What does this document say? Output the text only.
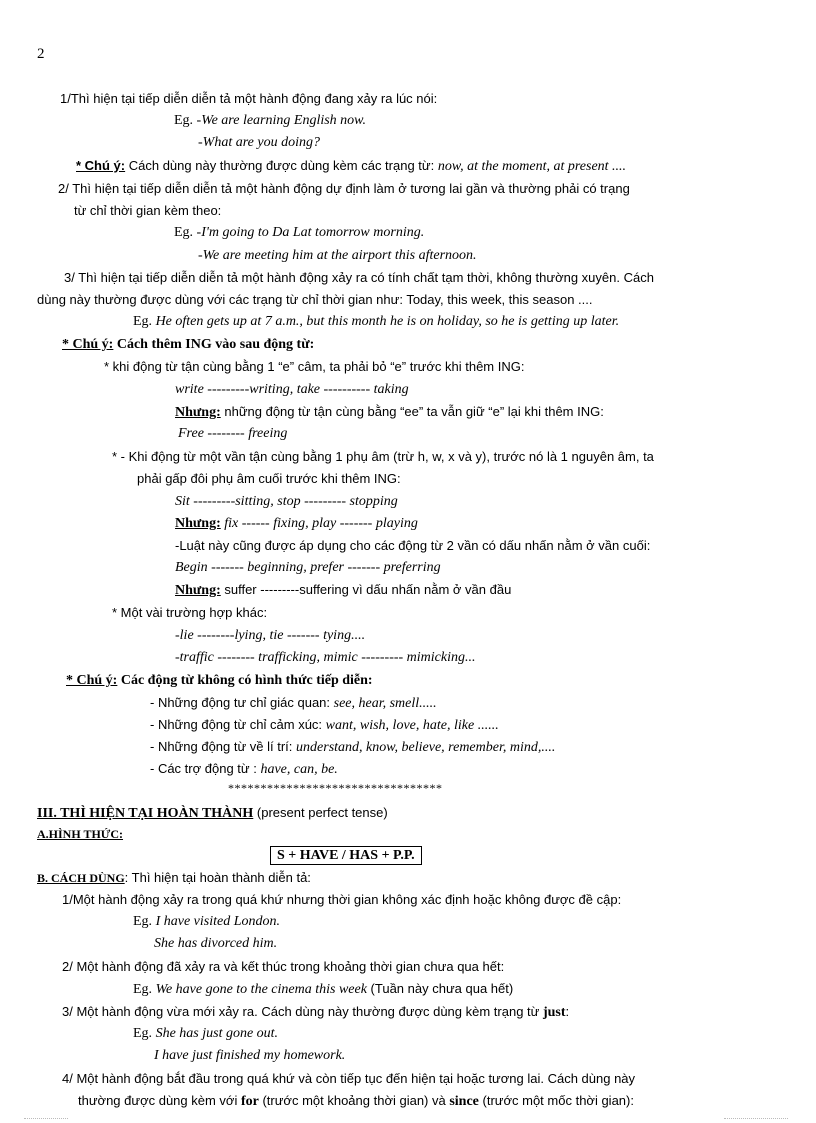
2
1/Thì hiện tại tiếp diễn diễn tả một hành động đang xảy ra lúc nói:
Eg. -We are learning English now.
-What are you doing?
* Chú ý: Cách dùng này thường được dùng kèm các trạng từ: now, at the moment, at present ....
2/ Thì hiện tại tiếp diễn diễn tả một hành động dự định làm ở tương lai gần và thường phải có trạng
từ chỉ thời gian kèm theo:
Eg. -I'm going to Da Lat tomorrow morning.
-We are meeting him at the airport this afternoon.
3/ Thì hiện tại tiếp diễn diễn tả một hành động xảy ra có tính chất tạm thời, không thường xuyên. Cách
dùng này thường được dùng với các trạng từ chỉ thời gian như: Today, this week, this season ....
Eg. He often gets up at 7 a.m., but this month he is on holiday, so he is getting up later.
* Chú ý: Cách thêm ING vào sau động từ:
* khi động từ tận cùng bằng 1 “e” câm, ta phải bỏ “e” trước khi thêm ING:
write ---------writing, take ---------- taking
Nhưng: những động từ tận cùng bằng “ee” ta vẫn giữ “e” lại khi thêm ING:
Free -------- freeing
* - Khi động từ một vần tận cùng bằng 1 phụ âm (trừ h, w, x và y), trước nó là 1 nguyên âm, ta
phải gấp đôi phụ âm cuối trước khi thêm ING:
Sit ---------sitting, stop --------- stopping
Nhưng: fix ------ fixing, play ------- playing
-Luật này cũng được áp dụng cho các động từ 2 vần có dấu nhấn nằm ở vần cuối:
Begin ------- beginning, prefer ------- preferring
Nhưng: suffer ---------suffering vì dấu nhấn nằm ở vần đầu
* Một vài trường hợp khác:
-lie --------lying, tie ------- tying....
-traffic -------- trafficking, mimic --------- mimicking...
* Chú ý: Các động từ không có hình thức tiếp diễn:
- Những động tư chỉ giác quan: see, hear, smell.....
- Những động từ chỉ cảm xúc: want, wish, love, hate, like ......
- Những động từ về lí trí: understand, know, believe, remember, mind,....
- Các trợ động từ : have, can, be.
*********************************
III. THÌ HIỆN TẠI HOÀN THÀNH (present perfect tense)
A.HÌNH THỨC:
S + HAVE / HAS + P.P.
B. CÁCH DÙNG: Thì hiện tại hoàn thành diễn tả:
1/Một hành động xảy ra trong quá khứ nhưng thời gian không xác định hoặc không được đề cập:
Eg. I have visited London.
She has divorced him.
2/ Một hành động đã xảy ra và kết thúc trong khoảng thời gian chưa qua hết:
Eg. We have gone to the cinema this week (Tuần này chưa qua hết)
3/ Một hành động vừa mới xảy ra. Cách dùng này thường được dùng kèm trạng từ just:
Eg. She has just gone out.
I have just finished my homework.
4/ Một hành động bắt đầu trong quá khứ và còn tiếp tục đến hiện tại hoặc tương lai. Cách dùng này
thường được dùng kèm với for (trước một khoảng thời gian) và since (trước một mốc thời gian):
